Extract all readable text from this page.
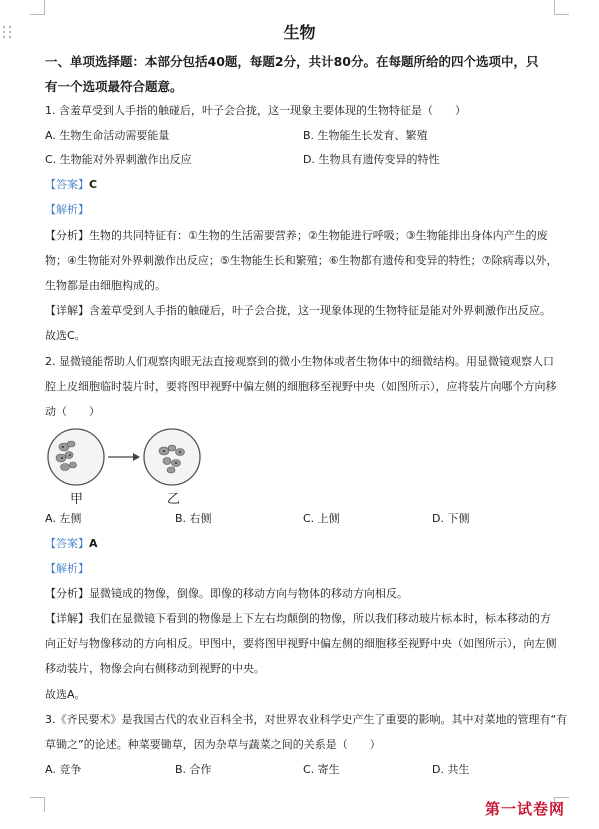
生物
一、单项选择题：本部分包括40题，每题2分，共计80分。在每题所给的四个选项中，只
有一个选项最符合题意。
1. 含羞草受到人手指的触碰后，叶子会合拢，这一现象主要体现的生物特征是（　　）
A. 生物生命活动需要能量	B. 生物能生长发育、繁殖
C. 生物能对外界刺激作出反应	D. 生物具有遗传变异的特性
【答案】C
【解析】
【分析】生物的共同特征有：①生物的生活需要营养；②生物能进行呼吸；③生物能排出身体内产生的废
物；④生物能对外界刺激作出反应；⑤生物能生长和繁殖；⑥生物都有遗传和变异的特性；⑦除病毒以外，
生物都是由细胞构成的。
【详解】含羞草受到人手指的触碰后，叶子会合拢，这一现象体现的生物特征是能对外界刺激作出反应。
故选C。
2. 显微镜能帮助人们观察肉眼无法直接观察到的微小生物体或者生物体中的细微结构。用显微镜观察人口
腔上皮细胞临时装片时，要将图甲视野中偏左侧的细胞移至视野中央（如图所示），应将装片向哪个方向移
动（　　）
甲	乙
A. 左侧	B. 右侧	C. 上侧	D. 下侧
【答案】A
【解析】
【分析】显微镜成的物像，倒像。即像的移动方向与物体的移动方向相反。
【详解】我们在显微镜下看到的物像是上下左右均颠倒的物像，所以我们移动玻片标本时，标本移动的方
向正好与物像移动的方向相反。甲图中，要将图甲视野中偏左侧的细胞移至视野中央（如图所示），向左侧
移动装片，物像会向右侧移动到视野的中央。
故选A。
3.《齐民要术》是我国古代的农业百科全书，对世界农业科学史产生了重要的影响。其中对菜地的管理有“有
草锄之”的论述。种菜要锄草，因为杂草与蔬菜之间的关系是（　　）
A. 竞争	B. 合作	C. 寄生	D. 共生
第一试卷网
